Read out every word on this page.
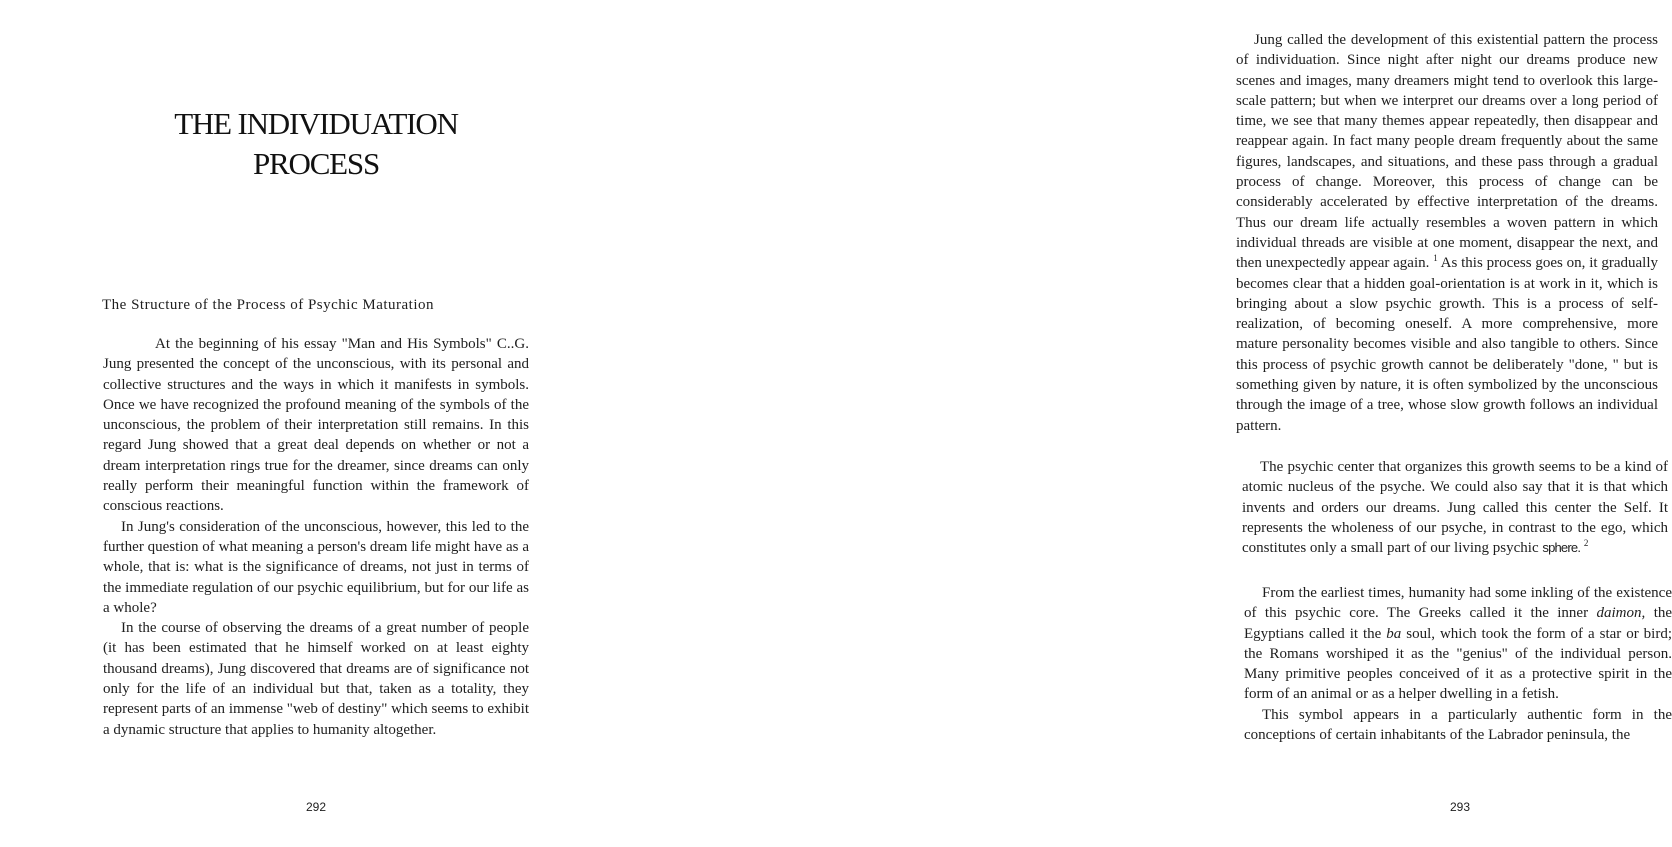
THE INDIVIDUATION
PROCESS
The Structure of the Process of Psychic Maturation

At the beginning of his essay "Man and His Symbols" C..G. Jung presented the concept of the unconscious, with its personal and collective structures and the ways in which it manifests in symbols. Once we have recognized the profound meaning of the symbols of the unconscious, the problem of their interpretation still remains. In this regard Jung showed that a great deal depends on whether or not a dream interpretation rings true for the dreamer, since dreams can only really perform their meaningful function within the framework of conscious reactions.

In Jung's consideration of the unconscious, however, this led to the further question of what meaning a person's dream life might have as a whole, that is: what is the significance of dreams, not just in terms of the immediate regulation of our psychic equilibrium, but for our life as a whole?

In the course of observing the dreams of a great number of people (it has been estimated that he himself worked on at least eighty thousand dreams), Jung discovered that dreams are of significance not only for the life of an individual but that, taken as a totality, they represent parts of an immense "web of destiny" which seems to exhibit a dynamic structure that applies to humanity altogether.

292

Jung called the development of this existential pattern the process of individuation. Since night after night our dreams produce new scenes and images, many dreamers might tend to overlook this large-scale pattern; but when we interpret our dreams over a long period of time, we see that many themes appear repeatedly, then disappear and reappear again. In fact many people dream frequently about the same figures, landscapes, and situations, and these pass through a gradual process of change. Moreover, this process of change can be considerably accelerated by effective interpretation of the dreams. Thus our dream life actually resembles a woven pattern in which individual threads are visible at one moment, disappear the next, and then unexpectedly appear again. $^1$ As this process goes on, it gradually becomes clear that a hidden goal-orientation is at work in it, which is bringing about a slow psychic growth. This is a process of self-realization, of becoming oneself. A more comprehensive, more mature personality becomes visible and also tangible to others. Since this process of psychic growth cannot be deliberately "done, " but is something given by nature, it is often symbolized by the unconscious through the image of a tree, whose slow growth follows an individual pattern.

The psychic center that organizes this growth seems to be a kind of atomic nucleus of the psyche. We could also say that it is that which invents and orders our dreams. Jung called this center the Self. It represents the wholeness of our psyche, in contrast to the ego, which constitutes only a small part of our living psychic sphere. $^2$

From the earliest times, humanity had some inkling of the existence of this psychic core. The Greeks called it the inner daimon, the Egyptians called it the ba soul, which took the form of a star or bird; the Romans worshiped it as the "genius" of the individual person. Many primitive peoples conceived of it as a protective spirit in the form of an animal or as a helper dwelling in a fetish.

This symbol appears in a particularly authentic form in the conceptions of certain inhabitants of the Labrador peninsula, the

293
